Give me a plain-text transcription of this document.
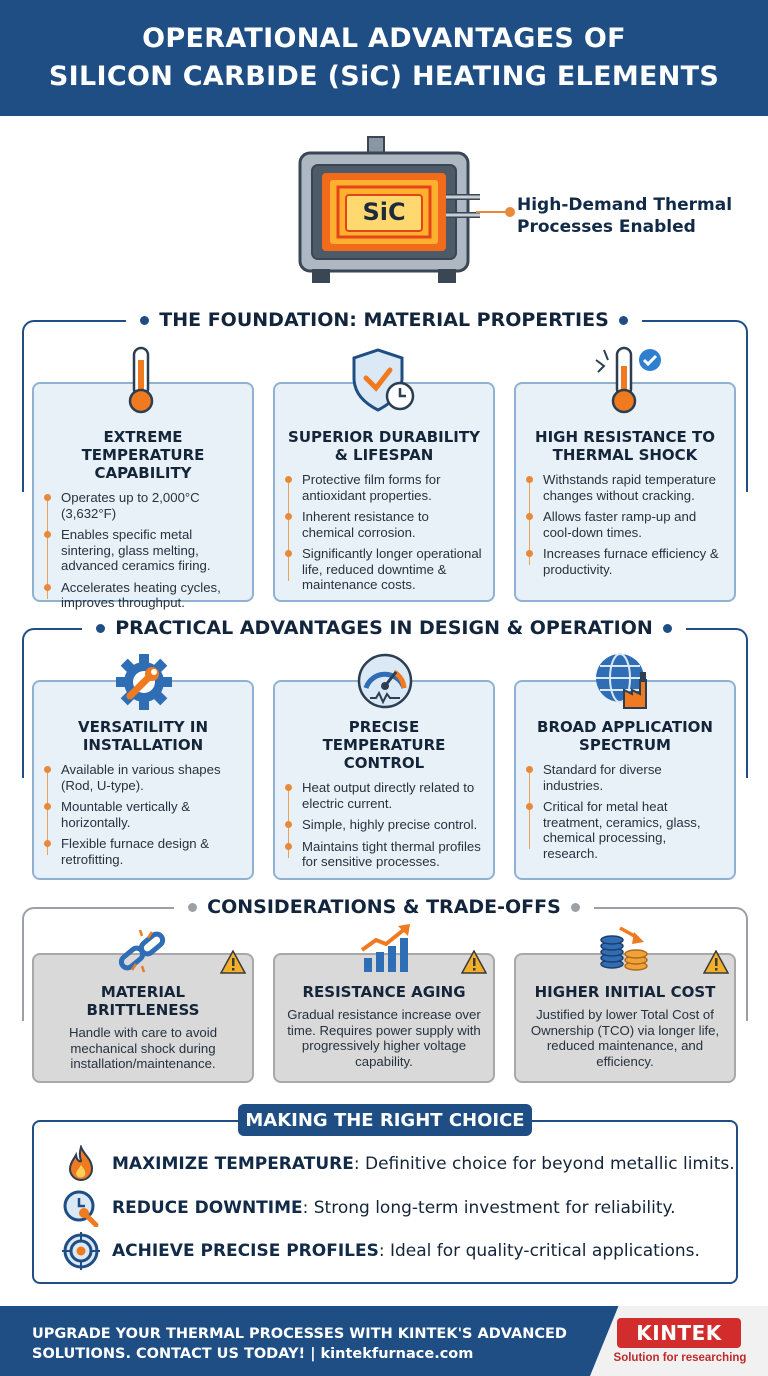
OPERATIONAL ADVANTAGES OF
SILICON CARBIDE (SiC) HEATING ELEMENTS
SiC	High-Demand Thermal
Processes Enabled
THE FOUNDATION: MATERIAL PROPERTIES
EXTREME TEMPERATURE
CAPABILITY
Operates up to 2,000°C (3,632°F)
Enables specific metal sintering, glass melting, advanced ceramics firing.
Accelerates heating cycles, improves throughput.
SUPERIOR DURABILITY
& LIFESPAN
Protective film forms for antioxidant properties.
Inherent resistance to chemical corrosion.
Significantly longer operational life, reduced downtime & maintenance costs.
HIGH RESISTANCE TO
THERMAL SHOCK
Withstands rapid temperature changes without cracking.
Allows faster ramp-up and cool-down times.
Increases furnace efficiency & productivity.
PRACTICAL ADVANTAGES IN DESIGN & OPERATION
VERSATILITY IN
INSTALLATION
Available in various shapes (Rod, U-type).
Mountable vertically & horizontally.
Flexible furnace design & retrofitting.
PRECISE TEMPERATURE
CONTROL
Heat output directly related to electric current.
Simple, highly precise control.
Maintains tight thermal profiles for sensitive processes.
BROAD APPLICATION
SPECTRUM
Standard for diverse industries.
Critical for metal heat treatment, ceramics, glass, chemical processing, research.
CONSIDERATIONS & TRADE-OFFS
MATERIAL BRITTLENESS
Handle with care to avoid mechanical shock during installation/maintenance.
RESISTANCE AGING
Gradual resistance increase over time. Requires power supply with progressively higher voltage capability.
HIGHER INITIAL COST
Justified by lower Total Cost of Ownership (TCO) via longer life, reduced maintenance, and efficiency.
MAKING THE RIGHT CHOICE
MAXIMIZE TEMPERATURE: Definitive choice for beyond metallic limits.
REDUCE DOWNTIME: Strong long-term investment for reliability.
ACHIEVE PRECISE PROFILES: Ideal for quality-critical applications.
UPGRADE YOUR THERMAL PROCESSES WITH KINTEK'S ADVANCED
SOLUTIONS. CONTACT US TODAY! | kintekfurnace.com
KINTEK
Solution for researching
